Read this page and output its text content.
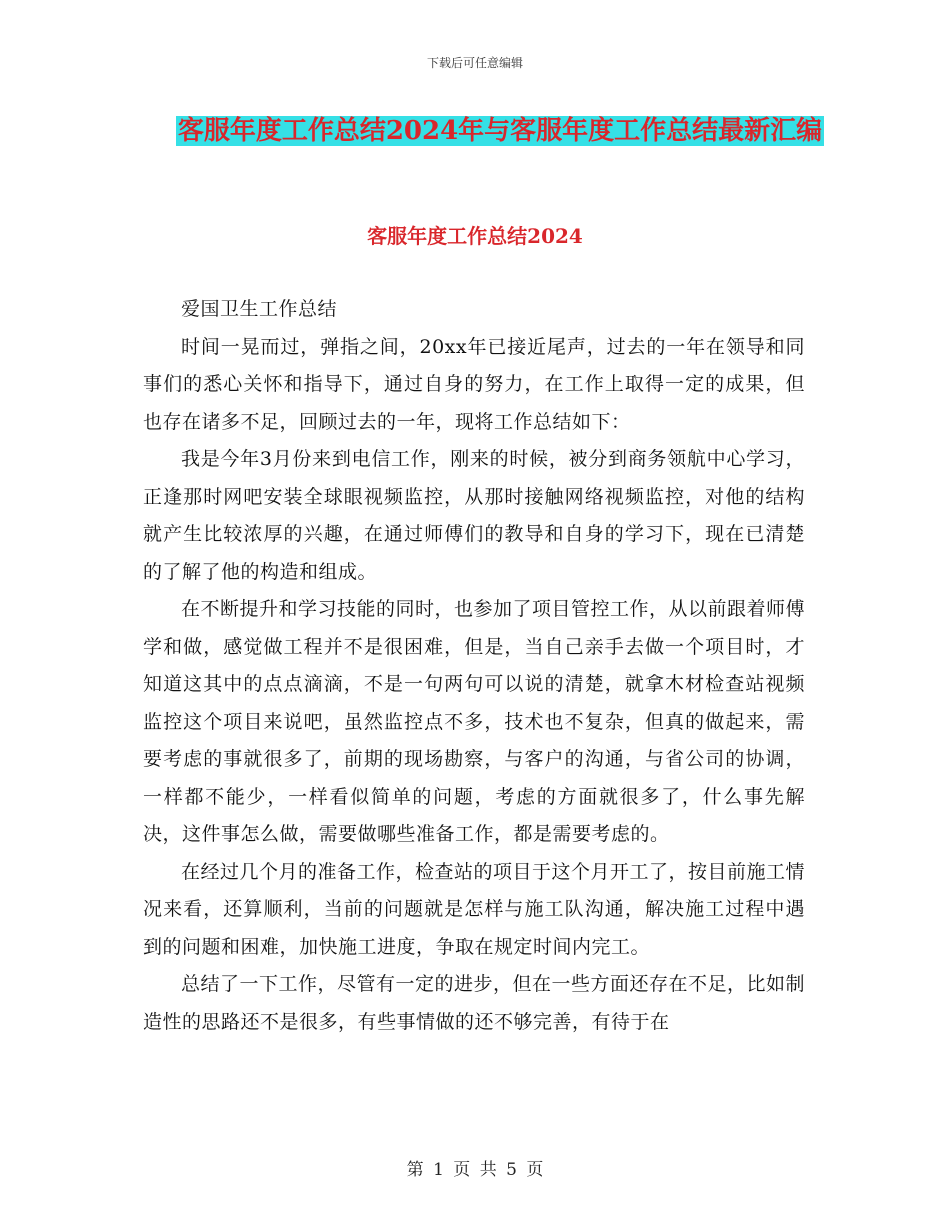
下载后可任意编辑
客服年度工作总结2024年与客服年度工作总结最新汇编
客服年度工作总结2024

爱国卫生工作总结

时间一晃而过，弹指之间，20xx年已接近尾声，过去的一年在领导和同事们的悉心关怀和指导下，通过自身的努力，在工作上取得一定的成果，但也存在诸多不足，回顾过去的一年，现将工作总结如下：

我是今年3月份来到电信工作，刚来的时候，被分到商务领航中心学习，正逢那时网吧安装全球眼视频监控，从那时接触网络视频监控，对他的结构就产生比较浓厚的兴趣，在通过师傅们的教导和自身的学习下，现在已清楚的了解了他的构造和组成。

在不断提升和学习技能的同时，也参加了项目管控工作，从以前跟着师傅学和做，感觉做工程并不是很困难，但是，当自己亲手去做一个项目时，才知道这其中的点点滴滴，不是一句两句可以说的清楚，就拿木材检查站视频监控这个项目来说吧，虽然监控点不多，技术也不复杂，但真的做起来，需要考虑的事就很多了，前期的现场勘察，与客户的沟通，与省公司的协调，一样都不能少，一样看似简单的问题，考虑的方面就很多了，什么事先解决，这件事怎么做，需要做哪些准备工作，都是需要考虑的。

在经过几个月的准备工作，检查站的项目于这个月开工了，按目前施工情况来看，还算顺利，当前的问题就是怎样与施工队沟通，解决施工过程中遇到的问题和困难，加快施工进度，争取在规定时间内完工。

总结了一下工作，尽管有一定的进步，但在一些方面还存在不足，比如制造性的思路还不是很多，有些事情做的还不够完善，有待于在

第 1 页 共 5 页
